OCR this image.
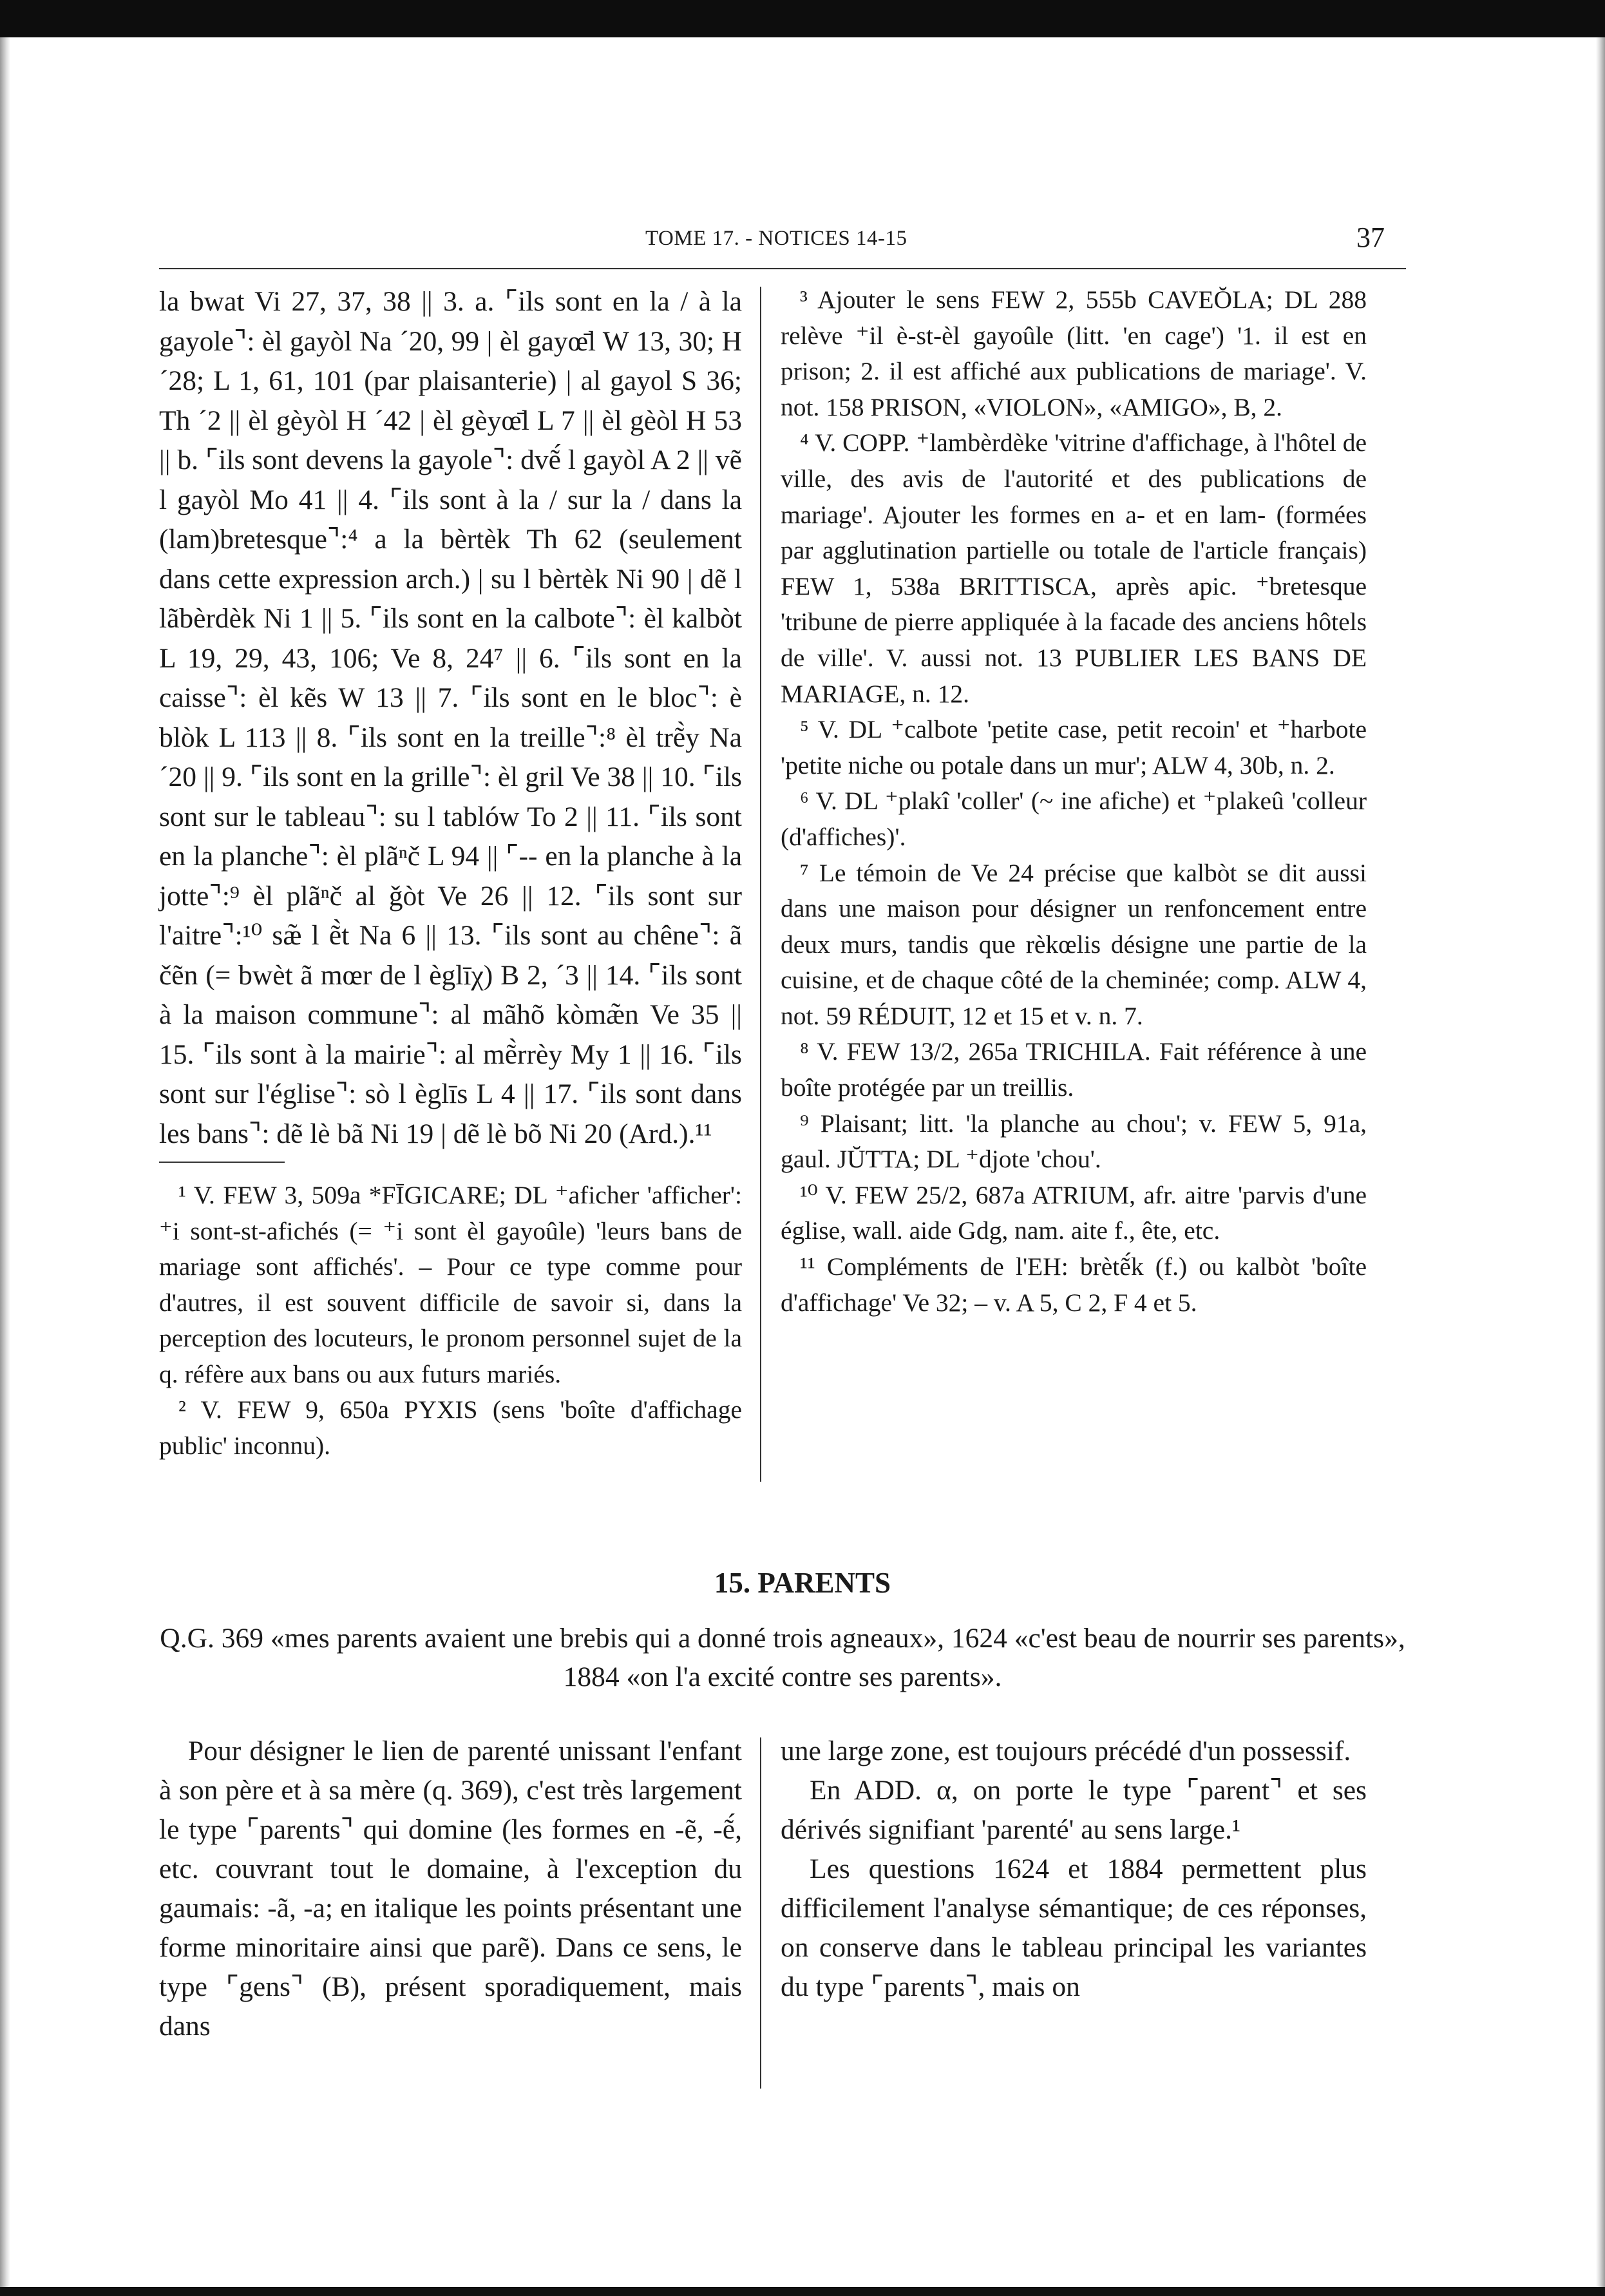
TOME 17. - NOTICES 14-15	37

la bwat Vi 27, 37, 38 || 3. a. ⌜ils sont en la / à la gayole⌝: èl gayòl Na ´20, 99 | èl gayœ̄l W 13, 30; H ´28; L 1, 61, 101 (par plaisanterie) | al gayol S 36; Th ´2 || èl gèyòl H ´42 | èl gèyœ̄l L 7 || èl gèòl H 53 || b. ⌜ils sont devens la gayole⌝: dvẽ́ l gayòl A 2 || vẽ l gayòl Mo 41 || 4. ⌜ils sont à la / sur la / dans la (lam)bretesque⌝:⁴ a la bèrtèk Th 62 (seulement dans cette expression arch.) | su l bèrtèk Ni 90 | dẽ l lãbèrdèk Ni 1 || 5. ⌜ils sont en la calbote⌝: èl kalbòt L 19, 29, 43, 106; Ve 8, 24⁷ || 6. ⌜ils sont en la caisse⌝: èl kẽs W 13 || 7. ⌜ils sont en le bloc⌝: è blòk L 113 || 8. ⌜ils sont en la treille⌝:⁸ èl trẽ̀y Na ´20 || 9. ⌜ils sont en la grille⌝: èl gril Ve 38 || 10. ⌜ils sont sur le tableau⌝: su l tablów To 2 || 11. ⌜ils sont en la planche⌝: èl plãⁿč L 94 || ⌜-- en la planche à la jotte⌝:⁹ èl plãⁿč al ǧòt Ve 26 || 12. ⌜ils sont sur l'aitre⌝:¹⁰ sæ̃ l ẽ̀t Na 6 || 13. ⌜ils sont au chêne⌝: ã čẽn (= bwèt ã mœr de l èglīχ) B 2, ´3 || 14. ⌜ils sont à la maison commune⌝: al mãhõ kòmæ̃n Ve 35 || 15. ⌜ils sont à la mairie⌝: al mẽ̀rrèy My 1 || 16. ⌜ils sont sur l'église⌝: sò l èglīs L 4 || 17. ⌜ils sont dans les bans⌝: dẽ lè bã Ni 19 | dẽ lè bõ Ni 20 (Ard.).¹¹

¹ V. FEW 3, 509a *FĪGICARE; DL ⁺aficher 'afficher': ⁺i sont-st-afichés (= ⁺i sont èl gayoûle) 'leurs bans de mariage sont affichés'. – Pour ce type comme pour d'autres, il est souvent difficile de savoir si, dans la perception des locuteurs, le pronom personnel sujet de la q. réfère aux bans ou aux futurs mariés.

² V. FEW 9, 650a PYXIS (sens 'boîte d'affichage public' inconnu).

³ Ajouter le sens FEW 2, 555b CAVEŎLA; DL 288 relève ⁺il è-st-èl gayoûle (litt. 'en cage') '1. il est en prison; 2. il est affiché aux publications de mariage'. V. not. 158 PRISON, «VIOLON», «AMIGO», B, 2.

⁴ V. COPP. ⁺lambèrdèke 'vitrine d'affichage, à l'hôtel de ville, des avis de l'autorité et des publications de mariage'. Ajouter les formes en a- et en lam- (formées par agglutination partielle ou totale de l'article français) FEW 1, 538a BRITTISCA, après apic. ⁺bretesque 'tribune de pierre appliquée à la facade des anciens hôtels de ville'. V. aussi not. 13 PUBLIER LES BANS DE MARIAGE, n. 12.

⁵ V. DL ⁺calbote 'petite case, petit recoin' et ⁺harbote 'petite niche ou potale dans un mur'; ALW 4, 30b, n. 2.

⁶ V. DL ⁺plakî 'coller' (~ ine afiche) et ⁺plakeû 'colleur (d'affiches)'.

⁷ Le témoin de Ve 24 précise que kalbòt se dit aussi dans une maison pour désigner un renfoncement entre deux murs, tandis que rèkœlis désigne une partie de la cuisine, et de chaque côté de la cheminée; comp. ALW 4, not. 59 RÉDUIT, 12 et 15 et v. n. 7.

⁸ V. FEW 13/2, 265a TRICHILA. Fait référence à une boîte protégée par un treillis.

⁹ Plaisant; litt. 'la planche au chou'; v. FEW 5, 91a, gaul. JŬTTA; DL ⁺djote 'chou'.

¹⁰ V. FEW 25/2, 687a ATRIUM, afr. aitre 'parvis d'une église, wall. aide Gdg, nam. aite f., ête, etc.

¹¹ Compléments de l'EH: brètẽ́k (f.) ou kalbòt 'boîte d'affichage' Ve 32; – v. A 5, C 2, F 4 et 5.

15. PARENTS
Q.G. 369 «mes parents avaient une brebis qui a donné trois agneaux», 1624 «c'est beau de nourrir ses parents», 1884 «on l'a excité contre ses parents».

Pour désigner le lien de parenté unissant l'enfant à son père et à sa mère (q. 369), c'est très largement le type ⌜parents⌝ qui domine (les formes en -ẽ, -ẽ́, etc. couvrant tout le domaine, à l'exception du gaumais: -ã, -a; en italique les points présentant une forme minoritaire ainsi que parẽ). Dans ce sens, le type ⌜gens⌝ (B), présent sporadiquement, mais dans

une large zone, est toujours précédé d'un possessif.

En ADD. α, on porte le type ⌜parent⌝ et ses dérivés signifiant 'parenté' au sens large.¹

Les questions 1624 et 1884 permettent plus difficilement l'analyse sémantique; de ces réponses, on conserve dans le tableau principal les variantes du type ⌜parents⌝, mais on
